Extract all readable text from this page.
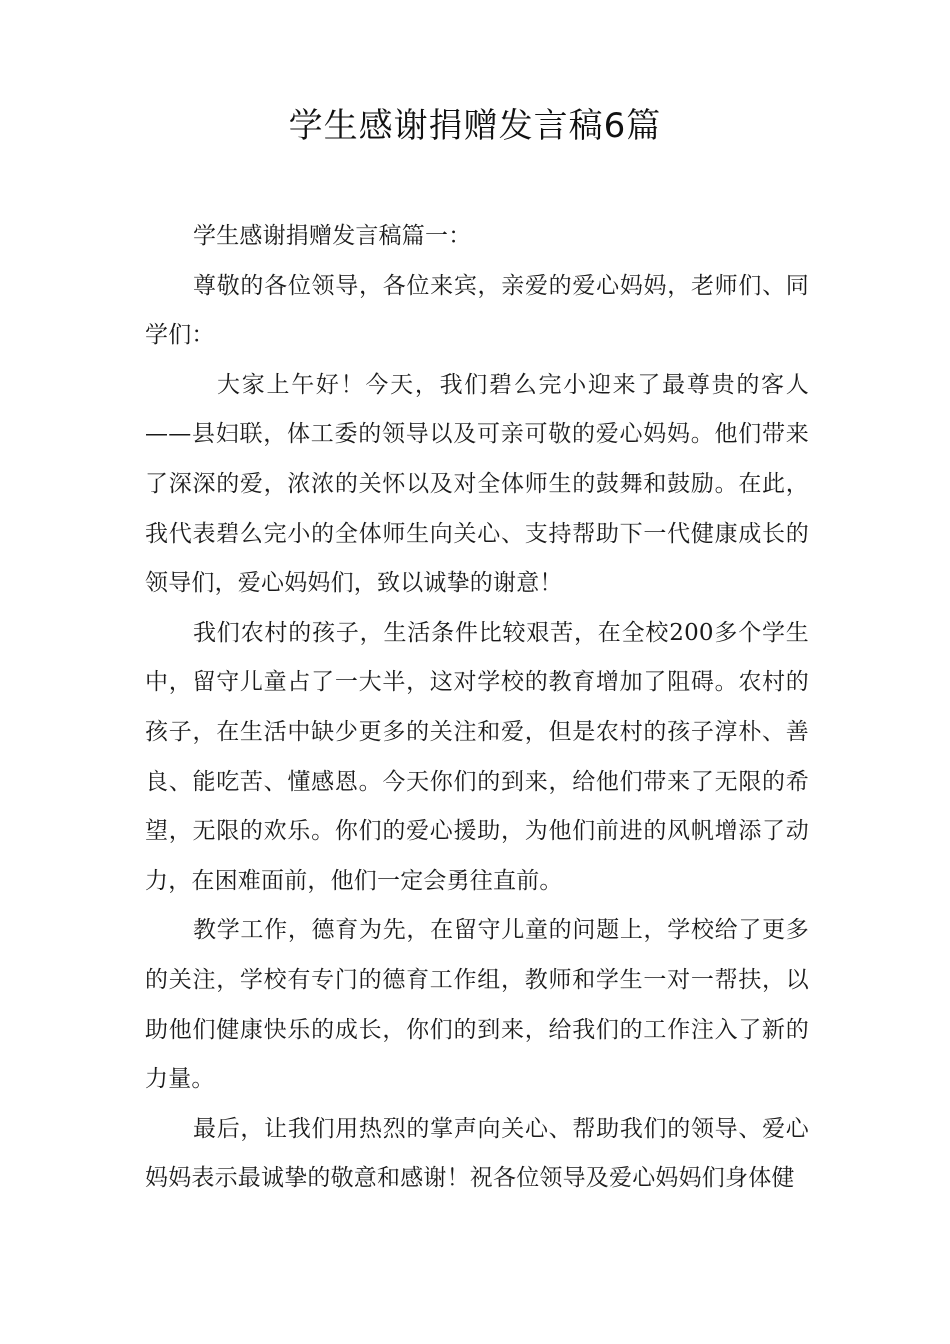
学生感谢捐赠发言稿6篇

学生感谢捐赠发言稿篇一：

尊敬的各位领导，各位来宾，亲爱的爱心妈妈，老师们、同学们：

大家上午好！今天，我们碧么完小迎来了最尊贵的客人——县妇联，体工委的领导以及可亲可敬的爱心妈妈。他们带来了深深的爱，浓浓的关怀以及对全体师生的鼓舞和鼓励。在此，我代表碧么完小的全体师生向关心、支持帮助下一代健康成长的领导们，爱心妈妈们，致以诚挚的谢意！

我们农村的孩子，生活条件比较艰苦，在全校200多个学生中，留守儿童占了一大半，这对学校的教育增加了阻碍。农村的孩子，在生活中缺少更多的关注和爱，但是农村的孩子淳朴、善良、能吃苦、懂感恩。今天你们的到来，给他们带来了无限的希望，无限的欢乐。你们的爱心援助，为他们前进的风帆增添了动力，在困难面前，他们一定会勇往直前。

教学工作，德育为先，在留守儿童的问题上，学校给了更多的关注，学校有专门的德育工作组，教师和学生一对一帮扶，以助他们健康快乐的成长，你们的到来，给我们的工作注入了新的力量。

最后，让我们用热烈的掌声向关心、帮助我们的领导、爱心妈妈表示最诚挚的敬意和感谢！祝各位领导及爱心妈妈们身体健
